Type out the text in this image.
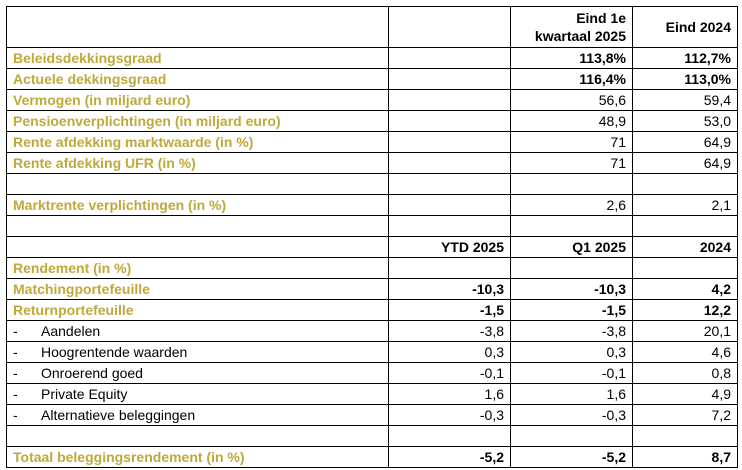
		Eind 1e kwartaal 2025	Eind 2024
Beleidsdekkingsgraad		113,8%	112,7%
Actuele dekkingsgraad		116,4%	113,0%
Vermogen (in miljard euro)		56,6	59,4
Pensioenverplichtingen (in miljard euro)		48,9	53,0
Rente afdekking marktwaarde (in %)		71	64,9
Rente afdekking UFR (in %)		71	64,9

Marktrente verplichtingen (in %)		2,6	2,1

	YTD 2025	Q1 2025	2024
Rendement (in %)			
Matchingportefeuille	-10,3	-10,3	4,2
Returnportefeuille	-1,5	-1,5	12,2
- Aandelen	-3,8	-3,8	20,1
- Hoogrentende waarden	0,3	0,3	4,6
- Onroerend goed	-0,1	-0,1	0,8
- Private Equity	1,6	1,6	4,9
- Alternatieve beleggingen	-0,3	-0,3	7,2

Totaal beleggingsrendement (in %)	-5,2	-5,2	8,7
